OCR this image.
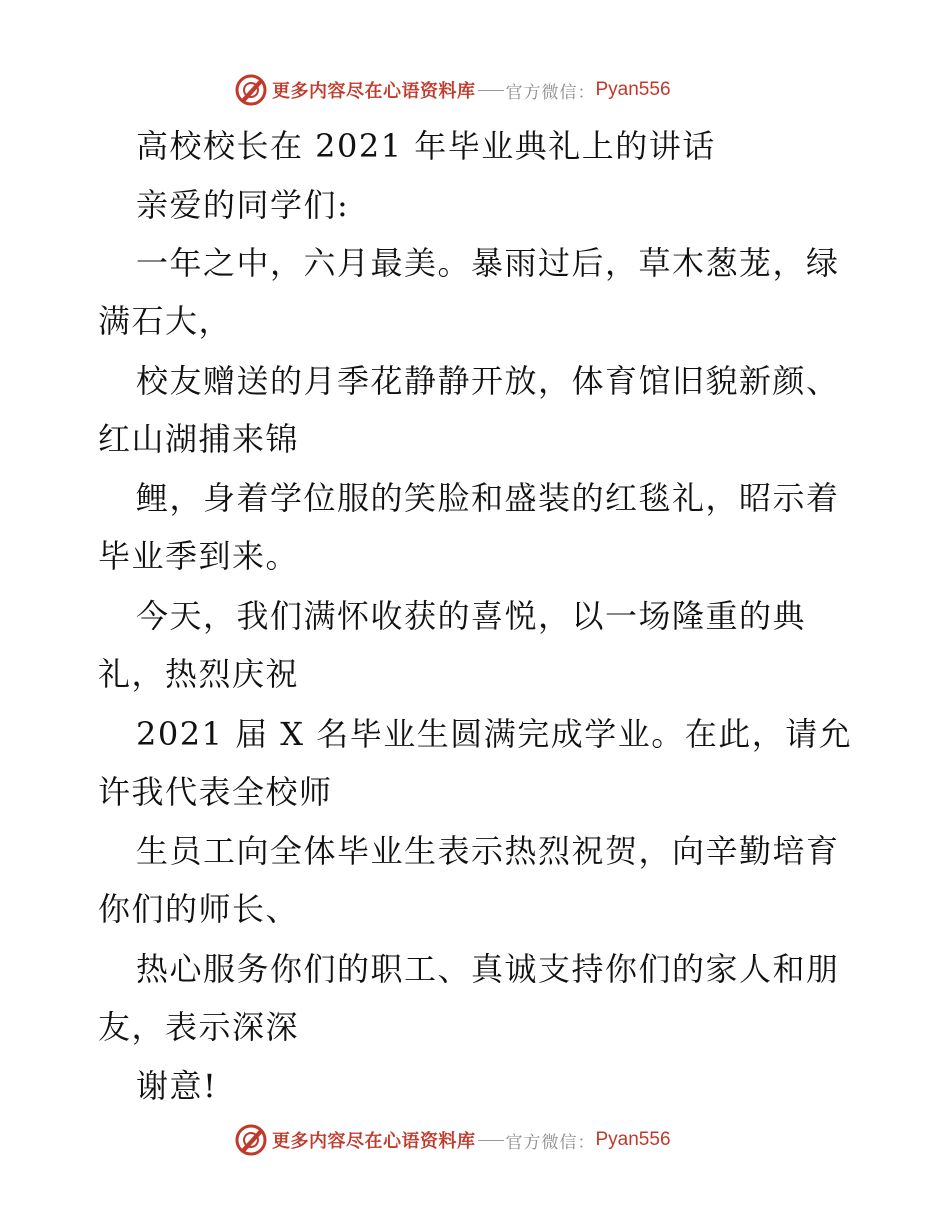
更多内容尽在心语资料库 官方微信： Pyan556
高校校长在 2021 年毕业典礼上的讲话
亲爱的同学们:
一年之中，六月最美。暴雨过后，草木葱茏，绿
满石大，
校友赠送的月季花静静开放，体育馆旧貌新颜、
红山湖捕来锦
鲤，身着学位服的笑脸和盛装的红毯礼，昭示着
毕业季到来。
今天，我们满怀收获的喜悦，以一场隆重的典
礼，热烈庆祝
2021 届 X 名毕业生圆满完成学业。在此，请允
许我代表全校师
生员工向全体毕业生表示热烈祝贺，向辛勤培育
你们的师长、
热心服务你们的职工、真诚支持你们的家人和朋
友，表示深深
谢意!
更多内容尽在心语资料库 官方微信： Pyan556
